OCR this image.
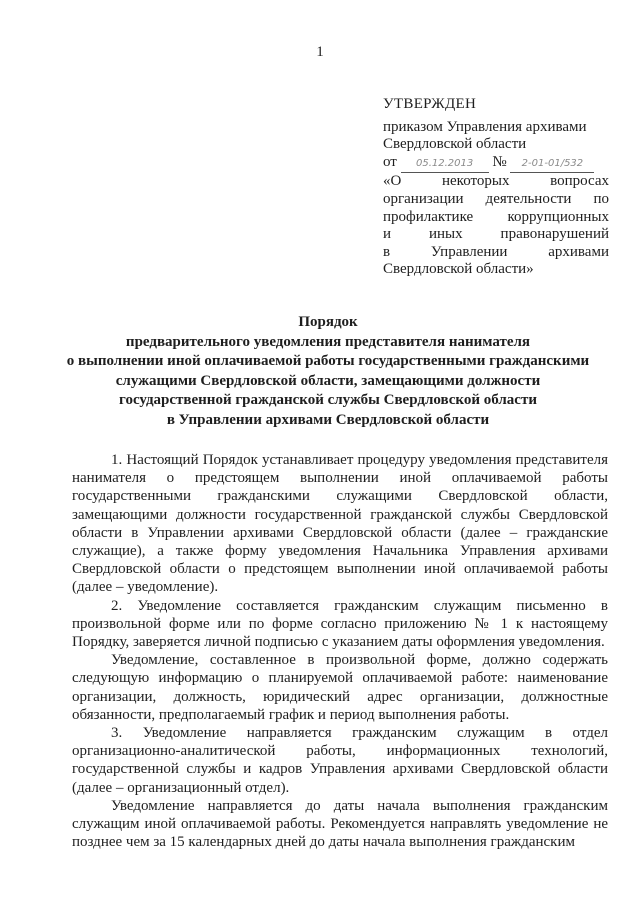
1
УТВЕРЖДЕН
приказом Управления архивами
Свердловской области
от 05.12.2013 № 2-01-01/532
«О некоторых вопросах
организации деятельности по
профилактике коррупционных
и иных правонарушений
в Управлении архивами
Свердловской области»
Порядок
предварительного уведомления представителя нанимателя
о выполнении иной оплачиваемой работы государственными гражданскими
служащими Свердловской области, замещающими должности
государственной гражданской службы Свердловской области
в Управлении архивами Свердловской области

1. Настоящий Порядок устанавливает процедуру уведомления представителя нанимателя о предстоящем выполнении иной оплачиваемой работы государственными гражданскими служащими Свердловской области, замещающими должности государственной гражданской службы Свердловской области в Управлении архивами Свердловской области (далее – гражданские служащие), а также форму уведомления Начальника Управления архивами Свердловской области о предстоящем выполнении иной оплачиваемой работы (далее – уведомление).

2. Уведомление составляется гражданским служащим письменно в произвольной форме или по форме согласно приложению № 1 к настоящему Порядку, заверяется личной подписью с указанием даты оформления уведомления.

Уведомление, составленное в произвольной форме, должно содержать следующую информацию о планируемой оплачиваемой работе: наименование организации, должность, юридический адрес организации, должностные обязанности, предполагаемый график и период выполнения работы.

3. Уведомление направляется гражданским служащим в отдел организационно-аналитической работы, информационных технологий, государственной службы и кадров Управления архивами Свердловской области (далее – организационный отдел).

Уведомление направляется до даты начала выполнения гражданским служащим иной оплачиваемой работы. Рекомендуется направлять уведомление не позднее чем за 15 календарных дней до даты начала выполнения гражданским
